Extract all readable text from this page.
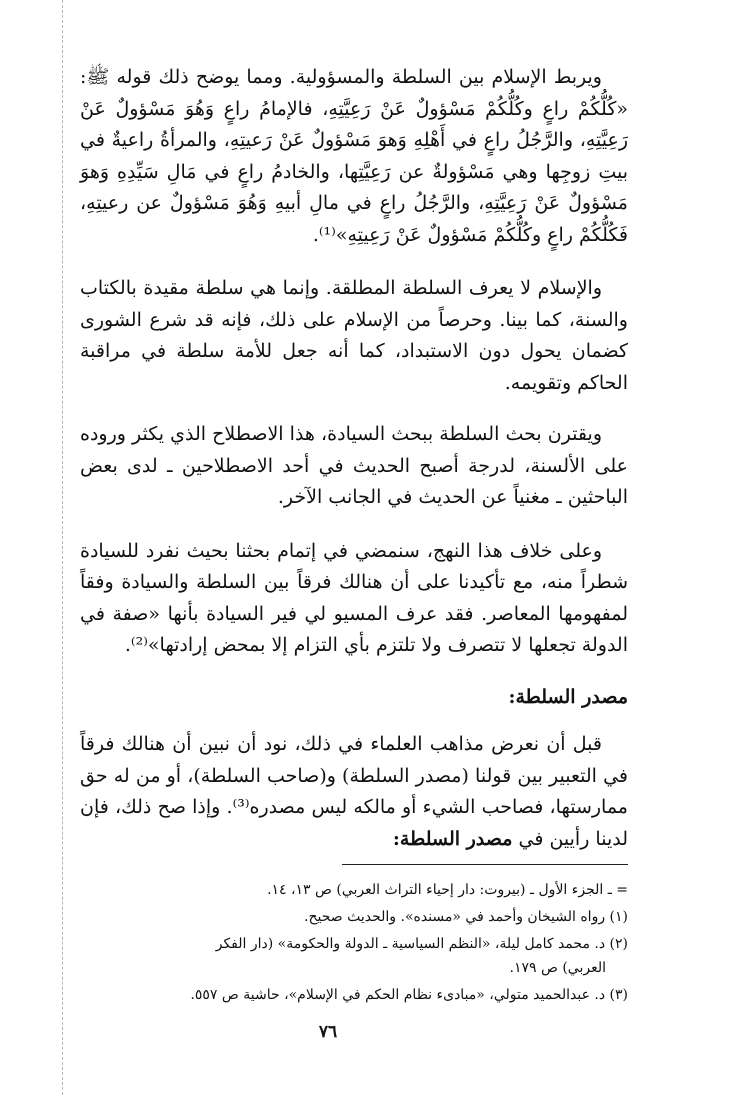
ويربط الإسلام بين السلطة والمسؤولية. ومما يوضح ذلك قوله ﷺ: «كُلُّكُمْ راعٍ وكُلُّكُمْ مَسْؤولٌ عَنْ رَعِيَّتِهِ، فالإمامُ راعٍ وَهُوَ مَسْؤولٌ عَنْ رَعِيَّتِهِ، والرَّجُلُ راعٍ في أَهْلِهِ وَهوَ مَسْؤولٌ عَنْ رَعيتِهِ، والمرأةُ راعيةٌ في بيتِ زوجِها وهي مَسْؤولةٌ عن رَعِيَّتِها، والخادمُ راعٍ في مَالِ سَيِّدِهِ وَهوَ مَسْؤولٌ عَنْ رَعِيَّتِهِ، والرَّجُلُ راعٍ في مالِ أبيهِ وَهُوَ مَسْؤولٌ عن رعيتِهِ، فَكُلُّكُمْ راعٍ وكُلُّكُمْ مَسْؤولٌ عَنْ رَعِيتِهِ»⁽¹⁾.

والإسلام لا يعرف السلطة المطلقة. وإنما هي سلطة مقيدة بالكتاب والسنة، كما بينا. وحرصاً من الإسلام على ذلك، فإنه قد شرع الشورى كضمان يحول دون الاستبداد، كما أنه جعل للأمة سلطة في مراقبة الحاكم وتقويمه.

ويقترن بحث السلطة ببحث السيادة، هذا الاصطلاح الذي يكثر وروده على الألسنة، لدرجة أصبح الحديث في أحد الاصطلاحين ـ لدى بعض الباحثين ـ مغنياً عن الحديث في الجانب الآخر.

وعلى خلاف هذا النهج، سنمضي في إتمام بحثنا بحيث نفرد للسيادة شطراً منه، مع تأكيدنا على أن هنالك فرقاً بين السلطة والسيادة وفقاً لمفهومها المعاصر. فقد عرف المسيو لي فير السيادة بأنها «صفة في الدولة تجعلها لا تتصرف ولا تلتزم بأي التزام إلا بمحض إرادتها»⁽²⁾.

مصدر السلطة:

قبل أن نعرض مذاهب العلماء في ذلك، نود أن نبين أن هنالك فرقاً في التعبير بين قولنا (مصدر السلطة) و(صاحب السلطة)، أو من له حق ممارستها، فصاحب الشيء أو مالكه ليس مصدره⁽³⁾. وإذا صح ذلك، فإن لدينا رأيين في مصدر السلطة:

= ـ الجزء الأول ـ (بيروت: دار إحياء التراث العربي) ص ١٣، ١٤.

(١) رواه الشيخان وأحمد في «مسنده». والحديث صحيح.

(٢) د. محمد كامل ليلة، «النظم السياسية ـ الدولة والحكومة» (دار الفكر العربي) ص ١٧٩.

(٣) د. عبدالحميد متولي، «مبادىء نظام الحكم في الإسلام»، حاشية ص ٥٥٧.

٧٦
